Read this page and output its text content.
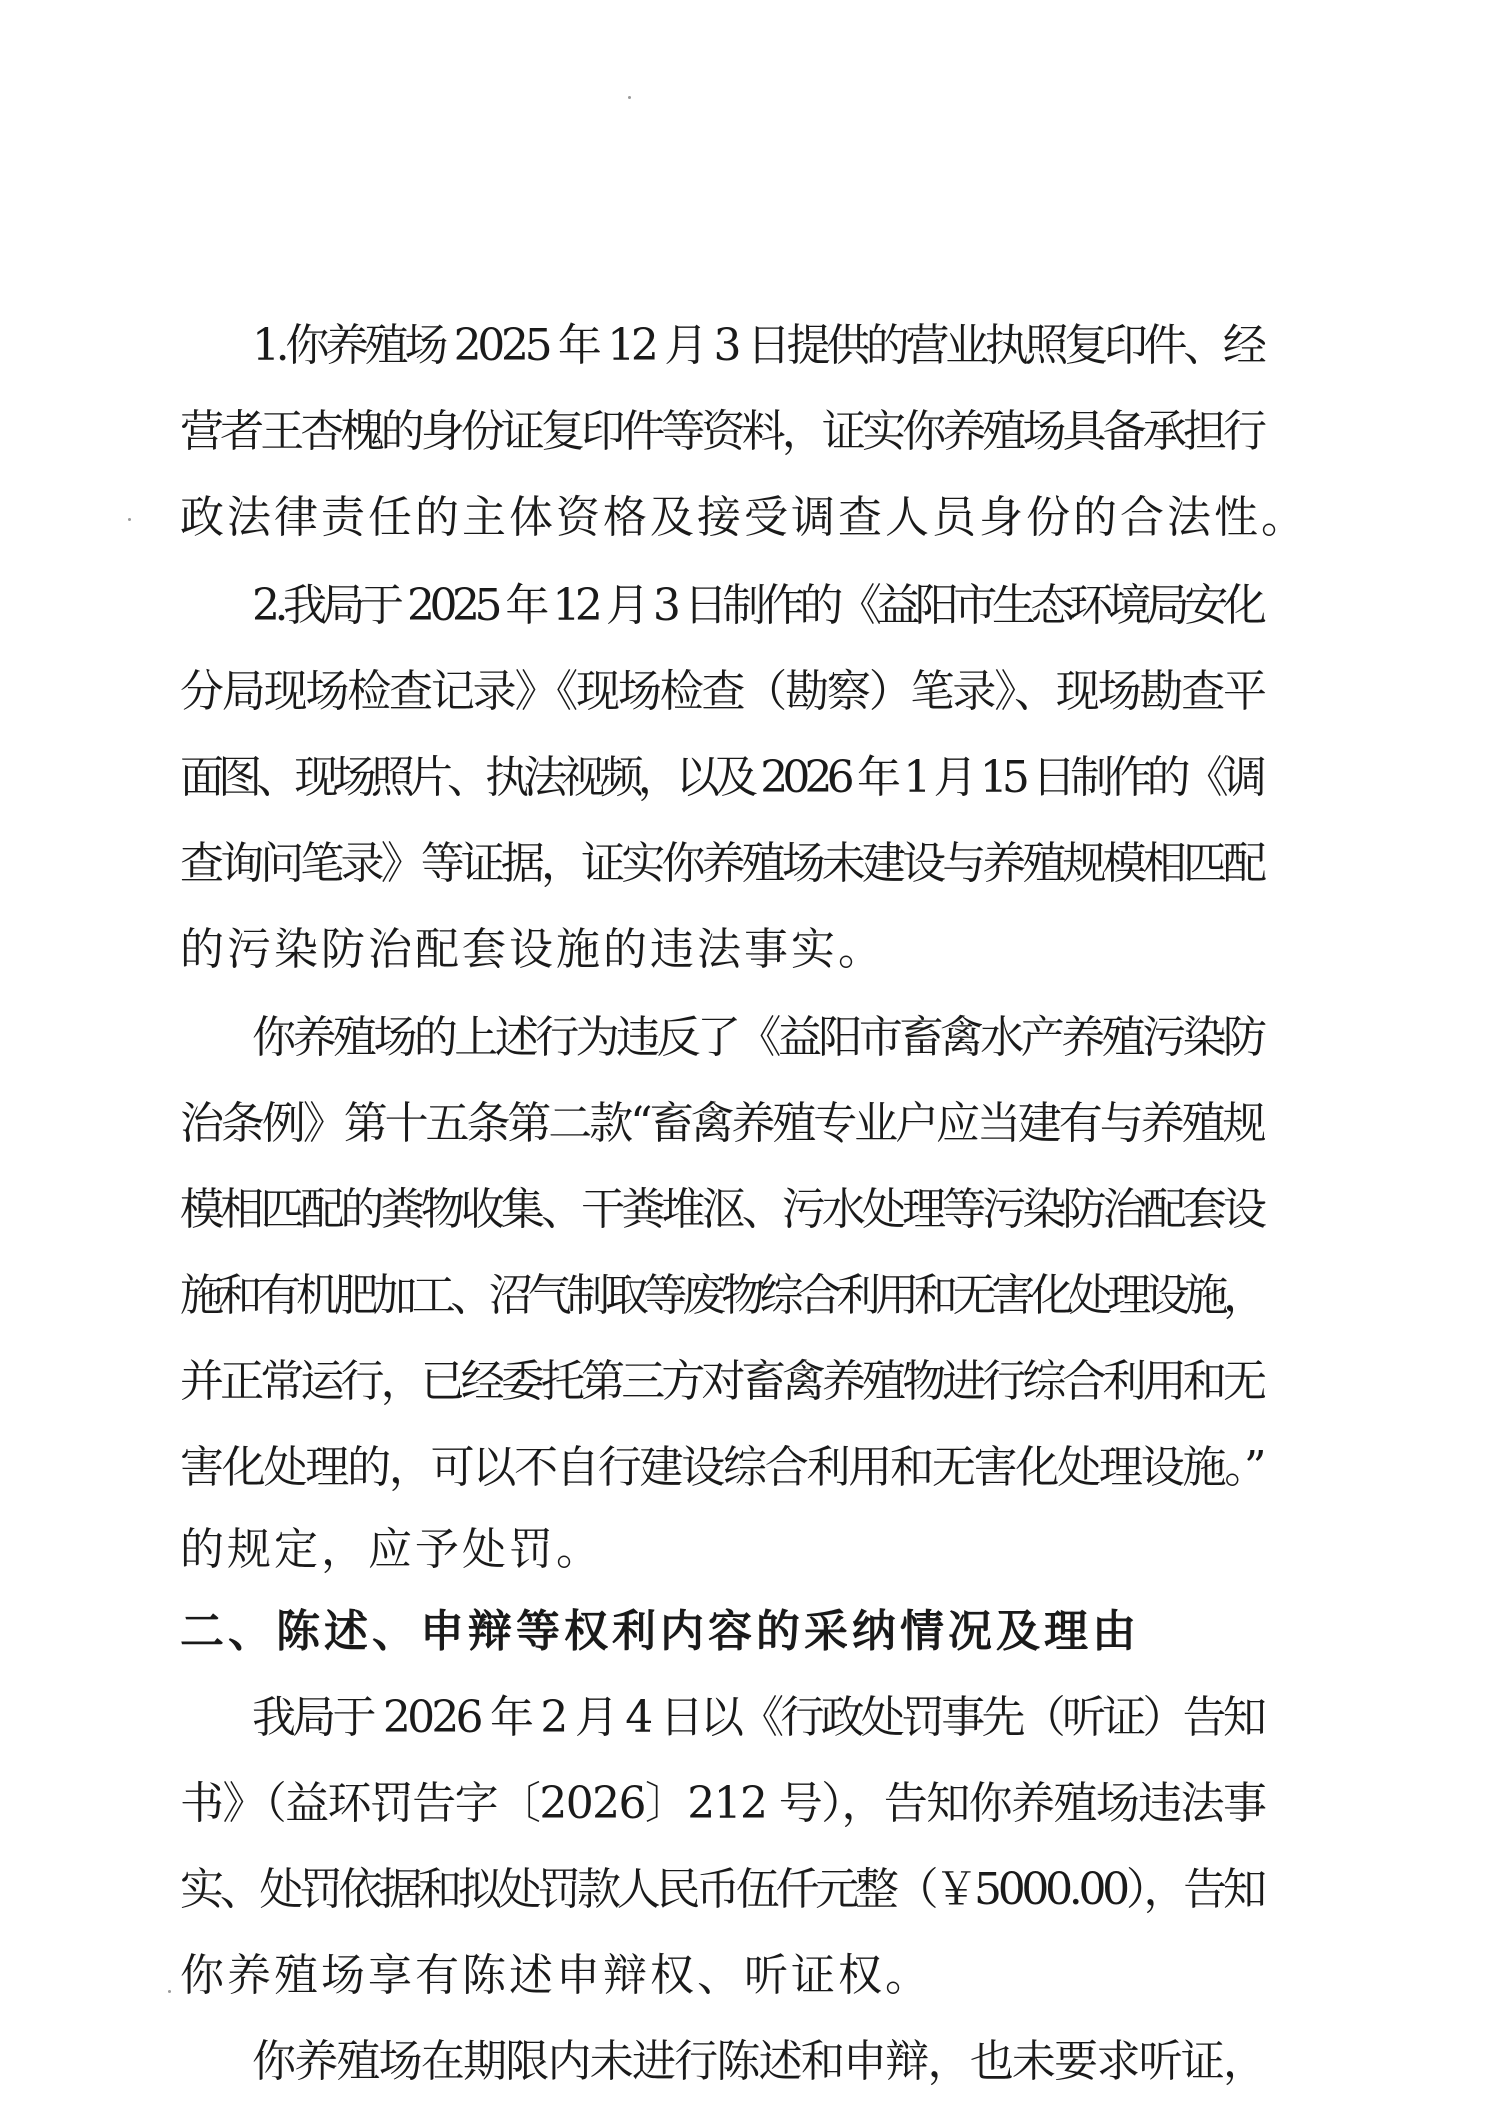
1.你养殖场 2025 年 12 月 3 日提供的营业执照复印件、经
营者王杏槐的身份证复印件等资料，证实你养殖场具备承担行
政法律责任的主体资格及接受调查人员身份的合法性。
2.我局于 2025 年 12 月 3 日制作的《益阳市生态环境局安化
分局现场检查记录》《现场检查（勘察）笔录》、现场勘查平
面图、现场照片、执法视频，以及 2026 年 1 月 15 日制作的《调
查询问笔录》等证据，证实你养殖场未建设与养殖规模相匹配
的污染防治配套设施的违法事实。
你养殖场的上述行为违反了《益阳市畜禽水产养殖污染防
治条例》第十五条第二款“畜禽养殖专业户应当建有与养殖规
模相匹配的粪物收集、干粪堆沤、污水处理等污染防治配套设
施和有机肥加工、沼气制取等废物综合利用和无害化处理设施，
并正常运行，已经委托第三方对畜禽养殖物进行综合利用和无
害化处理的，可以不自行建设综合利用和无害化处理设施。”
的规定，应予处罚。
二、陈述、申辩等权利内容的采纳情况及理由
我局于 2026 年 2 月 4 日以《行政处罚事先（听证）告知
书》（益环罚告字〔2026〕212 号），告知你养殖场违法事
实、处罚依据和拟处罚款人民币伍仟元整（￥5000.00），告知
你养殖场享有陈述申辩权、听证权。
你养殖场在期限内未进行陈述和申辩，也未要求听证，
